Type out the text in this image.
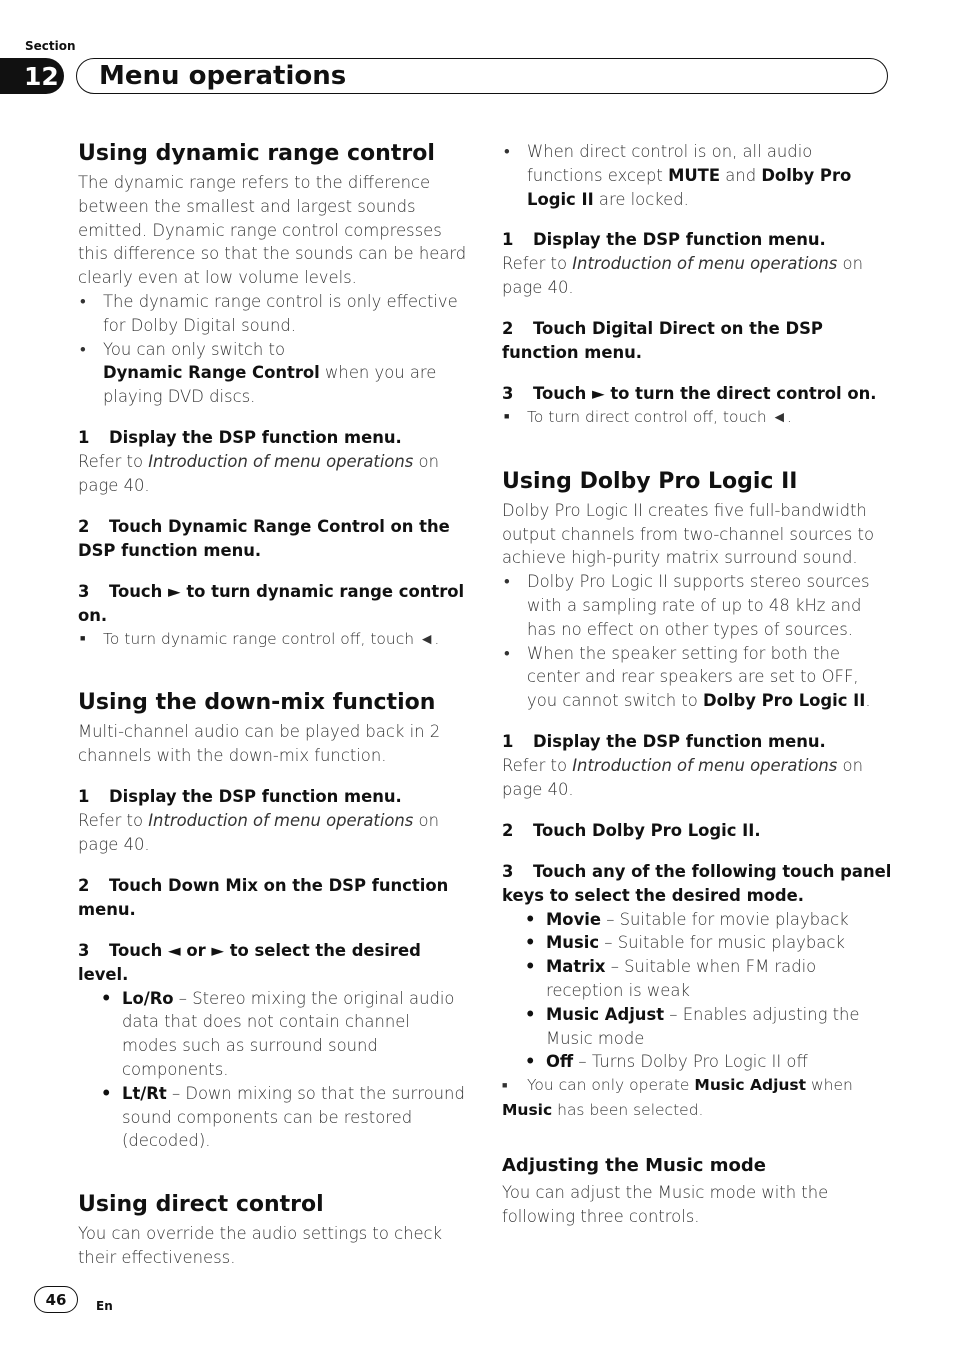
Section
12	Menu operations
Using dynamic range control

The dynamic range refers to the difference between the smallest and largest sounds emitted. Dynamic range control compresses this difference so that the sounds can be heard clearly even at low volume levels.

• The dynamic range control is only effective for Dolby Digital sound.
• You can only switch to
Dynamic Range Control when you are playing DVD discs.
1 Display the DSP function menu.

Refer to Introduction of menu operations on page 40.

2 Touch Dynamic Range Control on the DSP function menu.
3 Touch ► to turn dynamic range control on.

■ To turn dynamic range control off, touch ◄.

Using the down-mix function

Multi-channel audio can be played back in 2 channels with the down-mix function.

1 Display the DSP function menu.

Refer to Introduction of menu operations on page 40.

2 Touch Down Mix on the DSP function menu.
3 Touch ◄ or ► to select the desired level.
• Lo/Ro – Stereo mixing the original audio data that does not contain channel modes such as surround sound components.
• Lt/Rt – Down mixing so that the surround sound components can be restored (decoded).
Using direct control

You can override the audio settings to check their effectiveness.

• When direct control is on, all audio functions except MUTE and Dolby Pro Logic II are locked.
1 Display the DSP function menu.

Refer to Introduction of menu operations on page 40.

2 Touch Digital Direct on the DSP function menu.
3 Touch ► to turn the direct control on.

■ To turn direct control off, touch ◄.

Using Dolby Pro Logic II

Dolby Pro Logic II creates five full-bandwidth output channels from two-channel sources to achieve high-purity matrix surround sound.

• Dolby Pro Logic II supports stereo sources with a sampling rate of up to 48 kHz and has no effect on other types of sources.
• When the speaker setting for both the center and rear speakers are set to OFF, you cannot switch to Dolby Pro Logic II.
1 Display the DSP function menu.

Refer to Introduction of menu operations on page 40.

2 Touch Dolby Pro Logic II.
3 Touch any of the following touch panel keys to select the desired mode.
• Movie – Suitable for movie playback
• Music – Suitable for music playback
• Matrix – Suitable when FM radio reception is weak
• Music Adjust – Enables adjusting the Music mode
• Off – Turns Dolby Pro Logic II off

■ You can only operate Music Adjust when Music has been selected.

Adjusting the Music mode

You can adjust the Music mode with the following three controls.

46	En
